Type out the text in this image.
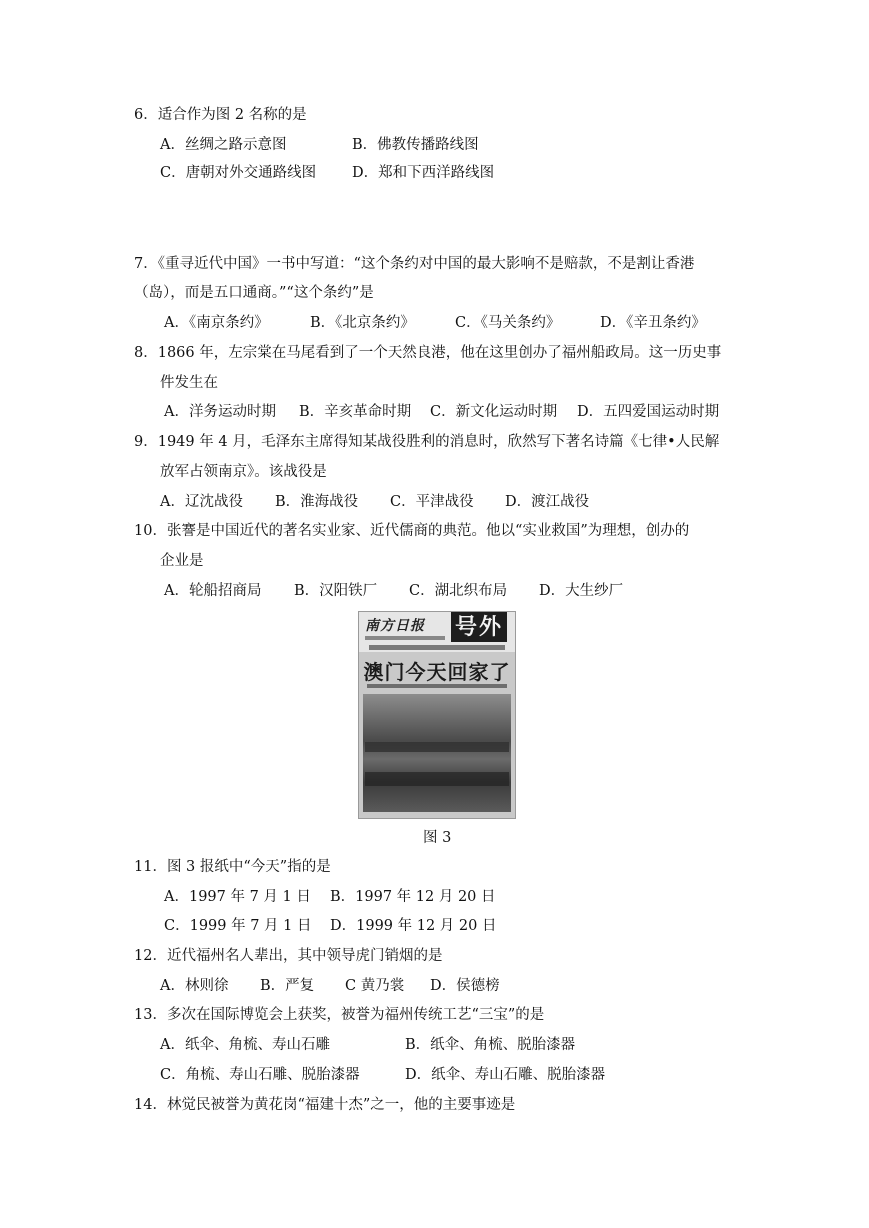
6．适合作为图 2 名称的是
A．丝绸之路示意图	B．佛教传播路线图
C．唐朝对外交通路线图 D．郑和下西洋路线图
7．《重寻近代中国》一书中写道：“这个条约对中国的最大影响不是赔款，不是割让香港
（岛），而是五口通商。”“这个条约”是
A．《南京条约》	B．《北京条约》	C．《马关条约》	D．《辛丑条约》
8．1866 年，左宗棠在马尾看到了一个天然良港，他在这里创办了福州船政局。这一历史事
件发生在
A．洋务运动时期 B．辛亥革命时期 C．新文化运动时期 D．五四爱国运动时期
9．1949 年 4 月，毛泽东主席得知某战役胜利的消息时，欣然写下著名诗篇《七律•人民解
放军占领南京》。该战役是
A．辽沈战役 B．淮海战役 C．平津战役 D．渡江战役
10．张謇是中国近代的著名实业家、近代儒商的典范。他以“实业救国”为理想，创办的
企业是
A．轮船招商局 B．汉阳铁厂 C．湖北织布局 D．大生纱厂
南方日报 号外
澳门今天回家了
图 3
11．图 3 报纸中“今天”指的是
A．1997 年 7 月 1 日 B．1997 年 12 月 20 日
C．1999 年 7 月 1 日 D．1999 年 12 月 20 日
12．近代福州名人辈出，其中领导虎门销烟的是
A．林则徐 B．严复 C 黄乃裳 D．侯德榜
13．多次在国际博览会上获奖，被誉为福州传统工艺“三宝”的是
A．纸伞、角梳、寿山石雕	B．纸伞、角梳、脱胎漆器
C．角梳、寿山石雕、脱胎漆器	D．纸伞、寿山石雕、脱胎漆器
14．林觉民被誉为黄花岗“福建十杰”之一，他的主要事迹是
